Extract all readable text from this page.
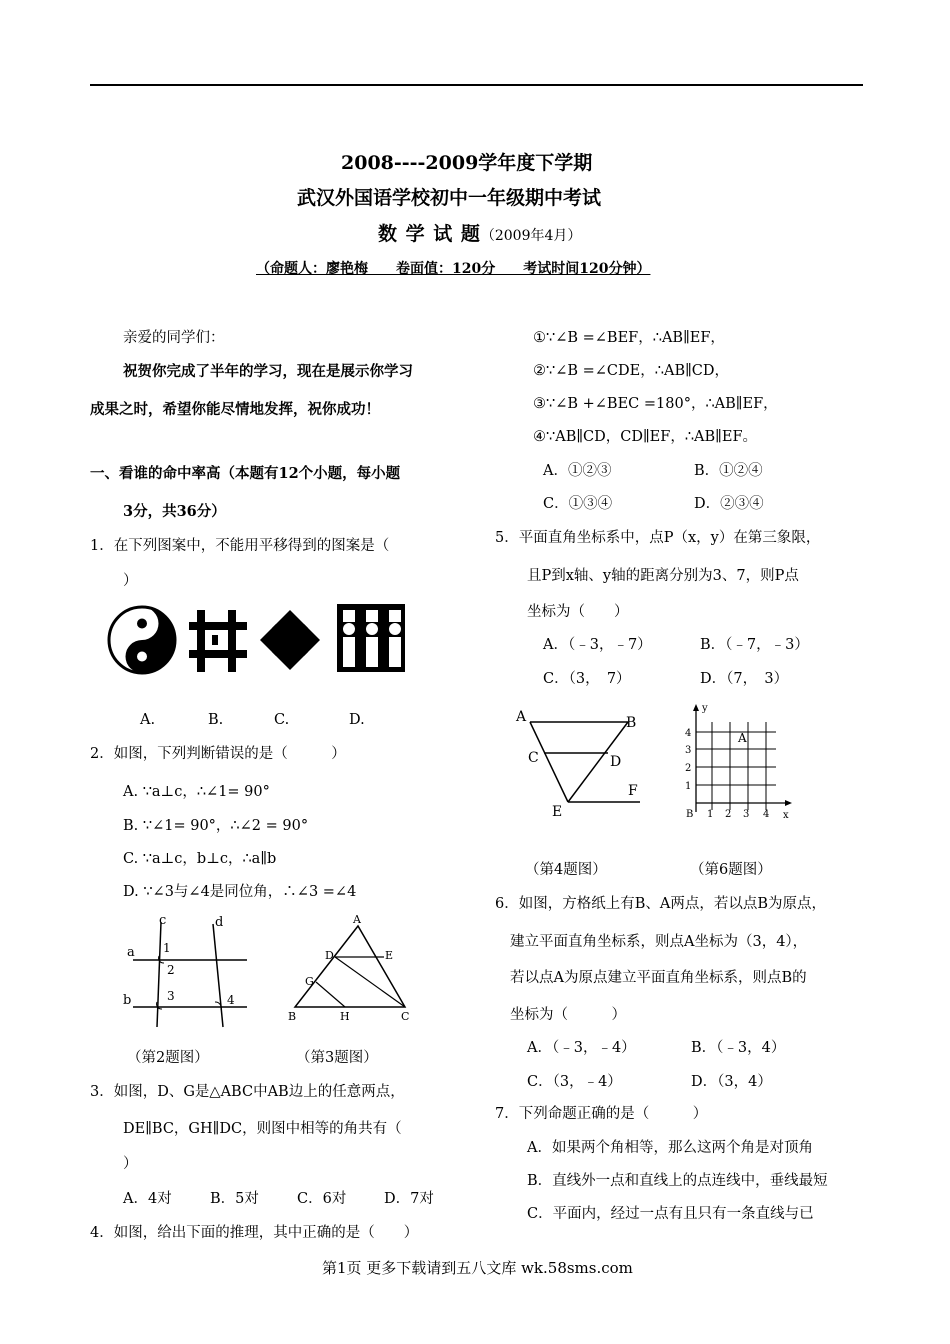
2008----2009学年度下学期
武汉外国语学校初中一年级期中考试
数 学 试 题（2009年4月）
（命题人：廖艳梅　　卷面值：120分　　考试时间120分钟）
亲爱的同学们：
祝贺你完成了半年的学习，现在是展示你学习
成果之时，希望你能尽情地发挥，祝你成功！
一、看谁的命中率高（本题有12个小题，每小题
3分，共36分）
1．在下列图案中，不能用平移得到的图案是（
）
A.	B.	C.	D.
2．如图，下列判断错误的是（　　　）
A. ∵a⊥c，∴∠1= 90°
B. ∵∠1= 90°，∴∠2 = 90°
C. ∵a⊥c，b⊥c，∴a∥b
D. ∵∠3与∠4是同位角，∴∠3 =∠4
c	d
a
b
1
2
3	4
A
B	C
D	E
G
H
（第2题图）	（第3题图）
3．如图，D、G是△ABC中AB边上的任意两点，
DE∥BC，GH∥DC，则图中相等的角共有（
）
A．4对	B．5对	C．6对	D．7对
4．如图，给出下面的推理，其中正确的是（　　）
①∵∠B =∠BEF，∴AB∥EF，
②∵∠B =∠CDE，∴AB∥CD，
③∵∠B +∠BEC =180°，∴AB∥EF，
④∵AB∥CD，CD∥EF，∴AB∥EF。
A．①②③	B．①②④
C．①③④	D．②③④
5．平面直角坐标系中，点P（x，y）在第三象限，
且P到x轴、y轴的距离分别为3、7，则P点
坐标为（　　）
A．（﹣3，﹣7）	B．（﹣7，﹣3）
C．（3，　7）	D．（7，　3）
A	B
C	D
E
F
y
x
A
B
4
3
2
1
1 2 3 4
（第4题图）	（第6题图）
6．如图，方格纸上有B、A两点，若以点B为原点，
建立平面直角坐标系，则点A坐标为（3，4），
若以点A为原点建立平面直角坐标系，则点B的
坐标为（　　　）
A．（﹣3，﹣4）	B．（﹣3，4）
C．（3，﹣4）	D．（3，4）
7．下列命题正确的是（　　　）
A．如果两个角相等，那么这两个角是对顶角
B．直线外一点和直线上的点连线中，垂线最短
C．平面内，经过一点有且只有一条直线与已
第1页 更多下载请到五八文库 wk.58sms.com
